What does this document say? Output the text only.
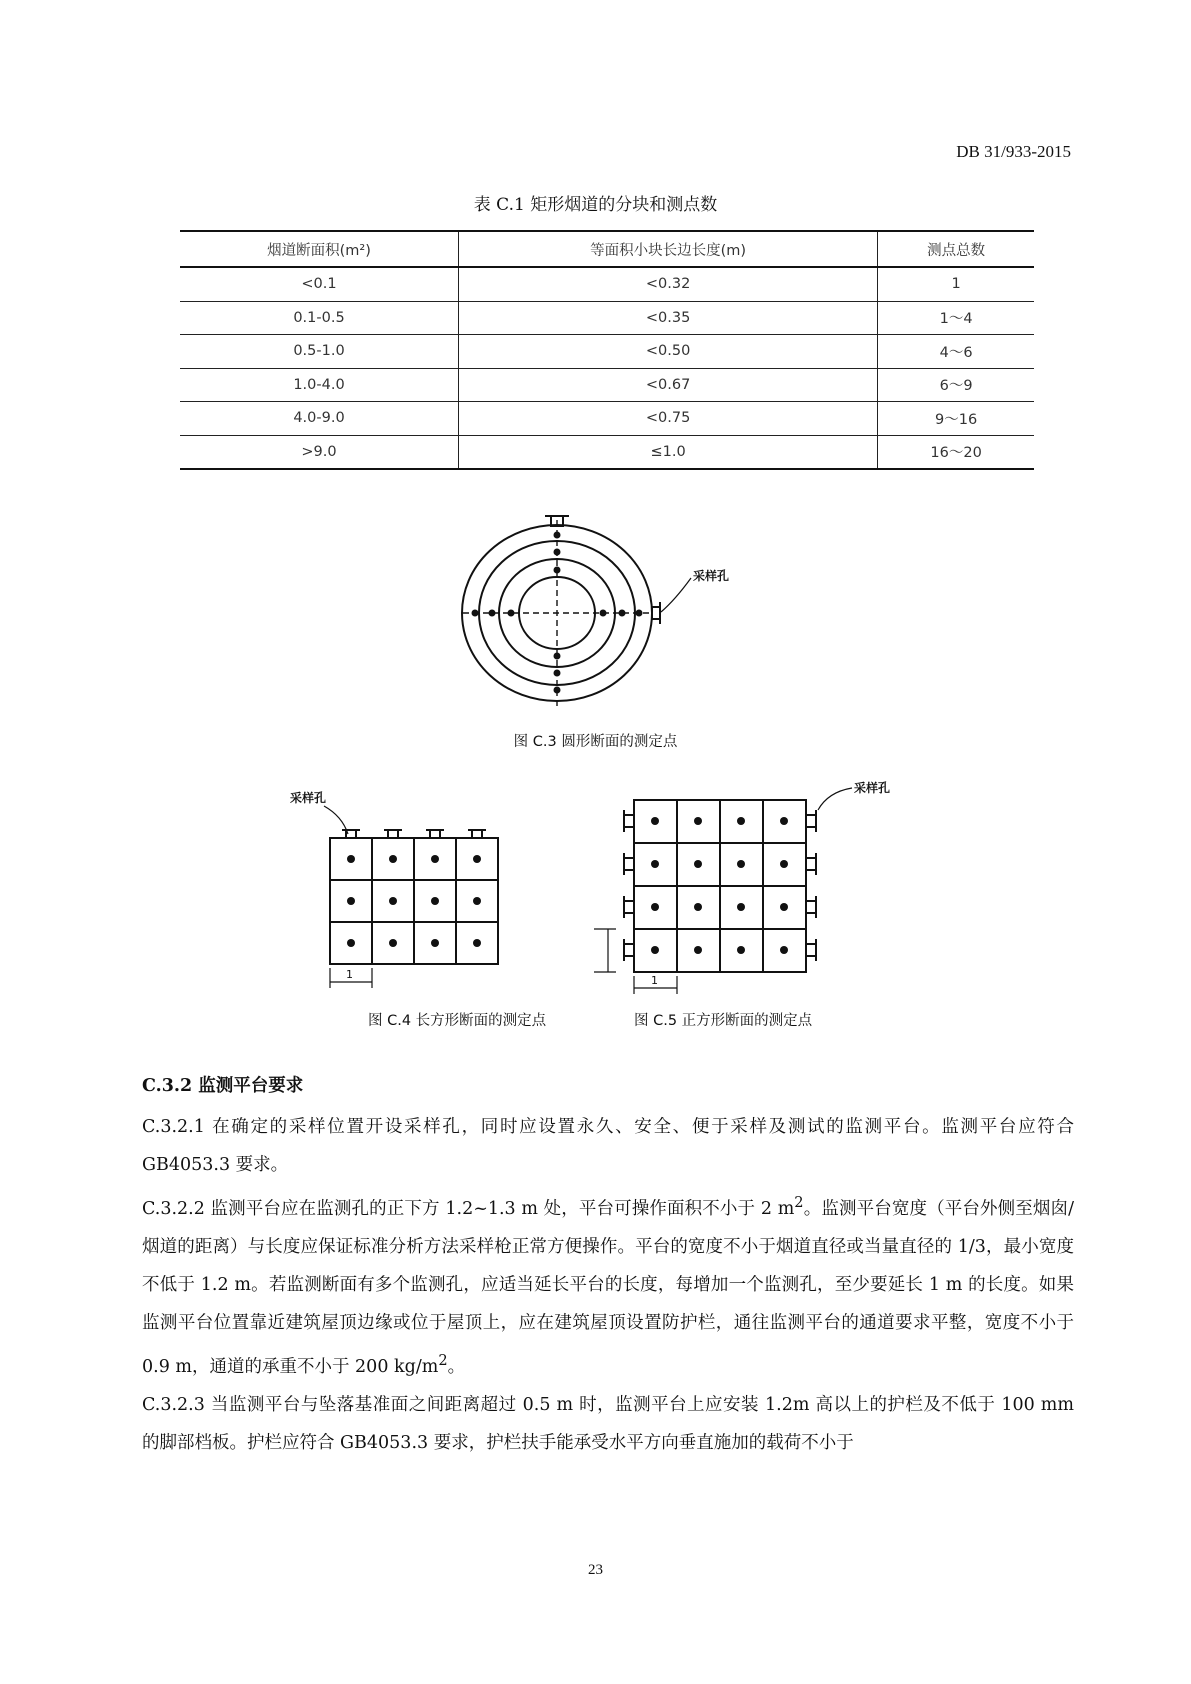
DB 31/933-2015
表 C.1 矩形烟道的分块和测点数
烟道断面积(m²)	等面积小块长边长度(m)	测点总数
<0.1	<0.32	1
0.1-0.5	<0.35	1～4
0.5-1.0	<0.50	4～6
1.0-4.0	<0.67	6～9
4.0-9.0	<0.75	9～16
>9.0	≤1.0	16～20
采样孔
图 C.3 圆形断面的测定点
采样孔
1
采样孔
1
图 C.4 长方形断面的测定点	图 C.5 正方形断面的测定点
C.3.2 监测平台要求

C.3.2.1 在确定的采样位置开设采样孔，同时应设置永久、安全、便于采样及测试的监测平台。监测平台应符合 GB4053.3 要求。

C.3.2.2 监测平台应在监测孔的正下方 1.2~1.3 m 处，平台可操作面积不小于 2 $m^2$。监测平台宽度（平台外侧至烟囱/烟道的距离）与长度应保证标准分析方法采样枪正常方便操作。平台的宽度不小于烟道直径或当量直径的 1/3，最小宽度不低于 1.2 m。若监测断面有多个监测孔，应适当延长平台的长度，每增加一个监测孔，至少要延长 1 m 的长度。如果监测平台位置靠近建筑屋顶边缘或位于屋顶上，应在建筑屋顶设置防护栏，通往监测平台的通道要求平整，宽度不小于 0.9 m，通道的承重不小于 200 $kg/m^2$。

C.3.2.3 当监测平台与坠落基准面之间距离超过 0.5 m 时，监测平台上应安装 1.2m 高以上的护栏及不低于 100 mm 的脚部档板。护栏应符合 GB4053.3 要求，护栏扶手能承受水平方向垂直施加的载荷不小于

23
